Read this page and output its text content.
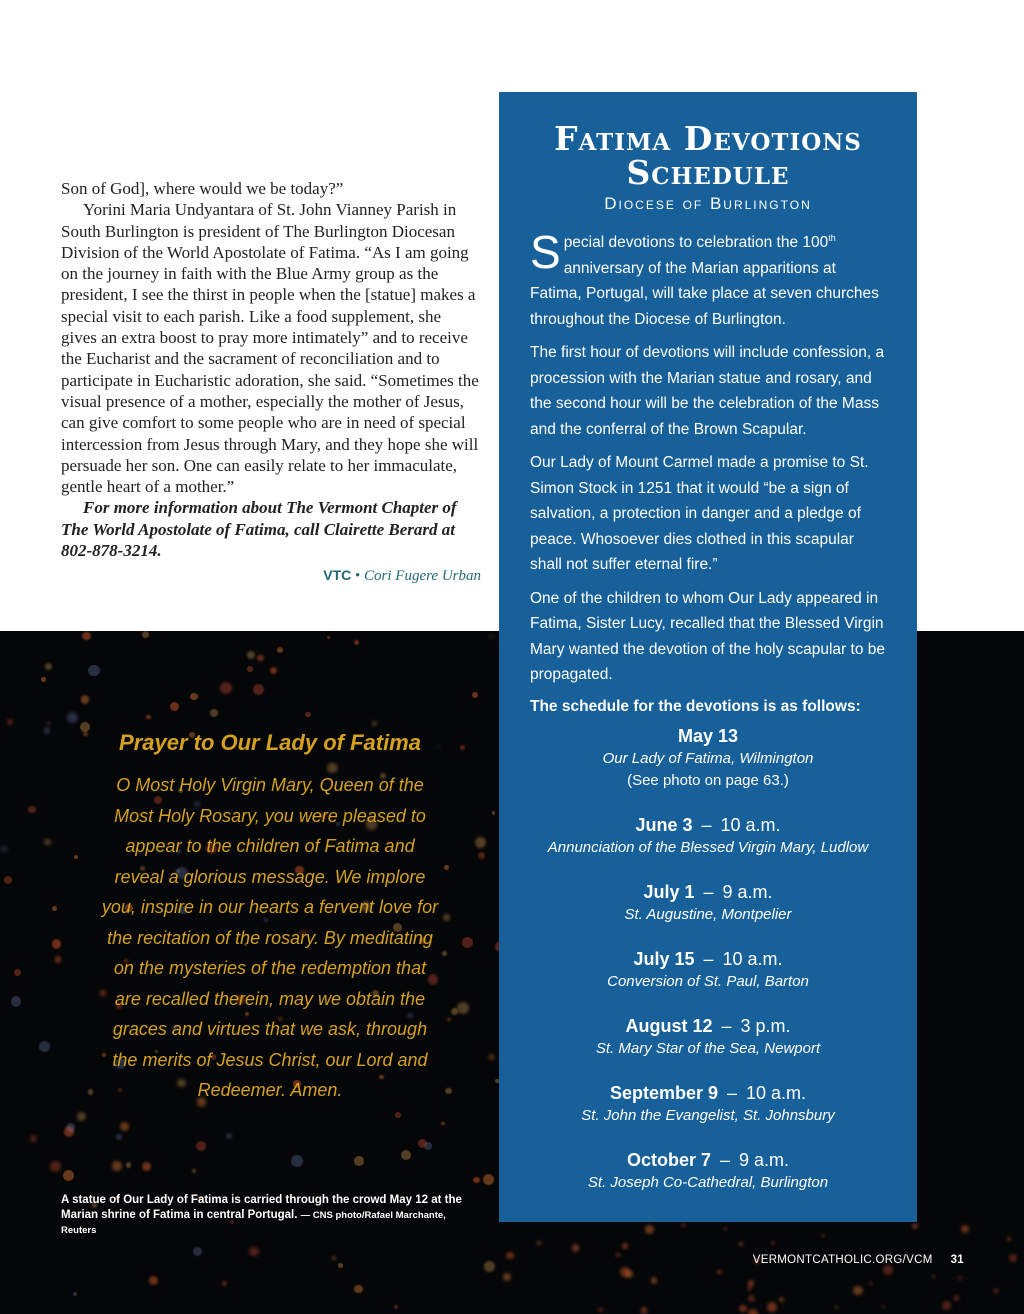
Son of God], where would we be today?”

Yorini Maria Undyantara of St. John Vianney Parish in South Burlington is president of The Burlington Diocesan Division of the World Apostolate of Fatima. “As I am going on the journey in faith with the Blue Army group as the president, I see the thirst in people when the [statue] makes a special visit to each parish. Like a food supplement, she gives an extra boost to pray more intimately” and to receive the Eucharist and the sacrament of reconciliation and to participate in Eucharistic adoration, she said. “Sometimes the visual presence of a mother, especially the mother of Jesus, can give comfort to some people who are in need of special intercession from Jesus through Mary, and they hope she will persuade her son. One can easily relate to her immaculate, gentle heart of a mother.”

For more information about The Vermont Chapter of The World Apostolate of Fatima, call Clairette Berard at 802-878-3214.

VTC • Cori Fugere Urban
Prayer to Our Lady of Fatima
O Most Holy Virgin Mary, Queen of the Most Holy Rosary, you were pleased to appear to the children of Fatima and reveal a glorious message. We implore you, inspire in our hearts a fervent love for the recitation of the rosary. By meditating on the mysteries of the redemption that are recalled therein, may we obtain the graces and virtues that we ask, through the merits of Jesus Christ, our Lord and Redeemer. Amen.
A statue of Our Lady of Fatima is carried through the crowd May 12 at the Marian shrine of Fatima in central Portugal. — CNS photo/Rafael Marchante, Reuters
Fatima Devotions Schedule
Diocese of Burlington

Special devotions to celebration the 100th anniversary of the Marian apparitions at Fatima, Portugal, will take place at seven churches throughout the Diocese of Burlington.

The first hour of devotions will include confession, a procession with the Marian statue and rosary, and the second hour will be the celebration of the Mass and the conferral of the Brown Scapular.

Our Lady of Mount Carmel made a promise to St. Simon Stock in 1251 that it would “be a sign of salvation, a protection in danger and a pledge of peace. Whosoever dies clothed in this scapular shall not suffer eternal fire.”

One of the children to whom Our Lady appeared in Fatima, Sister Lucy, recalled that the Blessed Virgin Mary wanted the devotion of the holy scapular to be propagated.

The schedule for the devotions is as follows:
May 13
Our Lady of Fatima, Wilmington
(See photo on page 63.)
June 3 – 10 a.m.
Annunciation of the Blessed Virgin Mary, Ludlow
July 1 – 9 a.m.
St. Augustine, Montpelier
July 15 – 10 a.m.
Conversion of St. Paul, Barton
August 12 – 3 p.m.
St. Mary Star of the Sea, Newport
September 9 – 10 a.m.
St. John the Evangelist, St. Johnsbury
October 7 – 9 a.m.
St. Joseph Co-Cathedral, Burlington
VERMONTCATHOLIC.ORG/VCM 31
